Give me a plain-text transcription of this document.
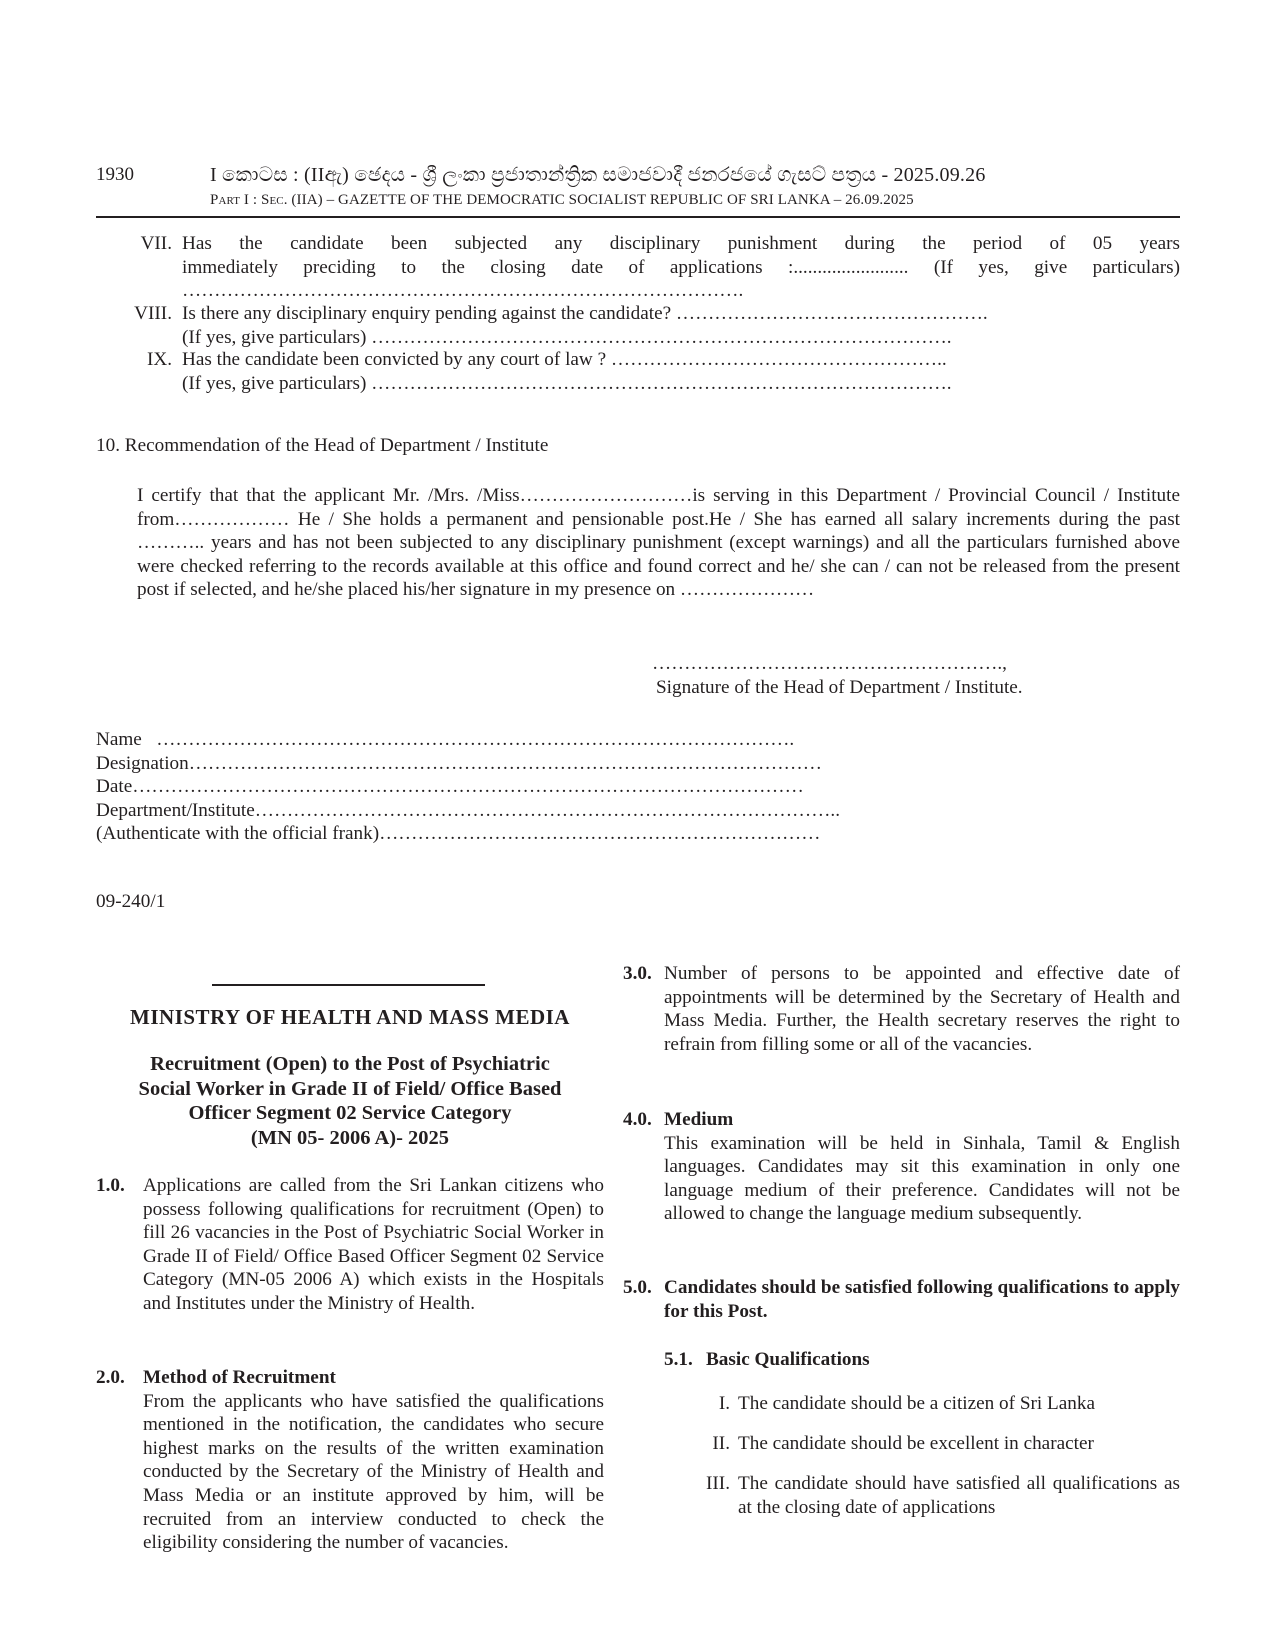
1930	I කොටස : (IIඇ) ඡෙදය - ශ්‍රී ලංකා ප්‍රජාතාන්ත්‍රික සමාජවාදී ජනරජයේ ගැසට් පත්‍රය - 2025.09.26
Part I : Sec. (IIA) – GAZETTE OF THE DEMOCRATIC SOCIALIST REPUBLIC OF SRI LANKA – 26.09.2025
VII. Has the candidate been subjected any disciplinary punishment during the period of 05 years
immediately preciding to the closing date of applications :........................ (If yes, give particulars)
…………………………………………………………………………….
VIII. Is there any disciplinary enquiry pending against the candidate? ………………………………………….
(If yes, give particulars) ……………………………………………………………………………….
IX. Has the candidate been convicted by any court of law ? ……………………………………………..
(If yes, give particulars) ……………………………………………………………………………….
10. Recommendation of the Head of Department / Institute
I certify that that the applicant Mr. /Mrs. /Miss………………………is serving in this Department / Provincial Council / Institute from……………… He / She holds a permanent and pensionable post.He / She has earned all salary increments during the past ……….. years and has not been subjected to any disciplinary punishment (except warnings) and all the particulars furnished above were checked referring to the records available at this office and found correct and he/ she can / can not be released from the present post if selected, and he/she placed his/her signature in my presence on …………………
……………………………………………….,
Signature of the Head of Department / Institute.
Name   ……………………………………………………………………………………….
Designation………………………………………………………………………………………
Date……………………………………………………………………………………………
Department/Institute………………………………………………………………………………..
(Authenticate with the official frank)……………………………………………………………
09-240/1
MINISTRY OF HEALTH AND MASS MEDIA
Recruitment (Open) to the Post of Psychiatric
Social Worker in Grade II of Field/ Office Based
Officer Segment 02 Service Category
(MN 05- 2006 A)- 2025
1.0. Applications are called from the Sri Lankan citizens who possess following qualifications for recruitment (Open) to fill 26 vacancies in the Post of Psychiatric Social Worker in Grade II of Field/ Office Based Officer Segment 02 Service Category (MN-05 2006 A) which exists in the Hospitals and Institutes under the Ministry of Health.
2.0. Method of Recruitment
From the applicants who have satisfied the qualifications mentioned in the notification, the candidates who secure highest marks on the results of the written examination conducted by the Secretary of the Ministry of Health and Mass Media or an institute approved by him, will be recruited from an interview conducted to check the eligibility considering the number of vacancies.
3.0. Number of persons to be appointed and effective date of appointments will be determined by the Secretary of Health and Mass Media. Further, the Health secretary reserves the right to refrain from filling some or all of the vacancies.
4.0. Medium
This examination will be held in Sinhala, Tamil & English languages. Candidates may sit this examination in only one language medium of their preference. Candidates will not be allowed to change the language medium subsequently.
5.0. Candidates should be satisfied following qualifications to apply for this Post.
5.1. Basic Qualifications
I. The candidate should be a citizen of Sri Lanka
II. The candidate should be excellent in character
III. The candidate should have satisfied all qualifications as at the closing date of applications
